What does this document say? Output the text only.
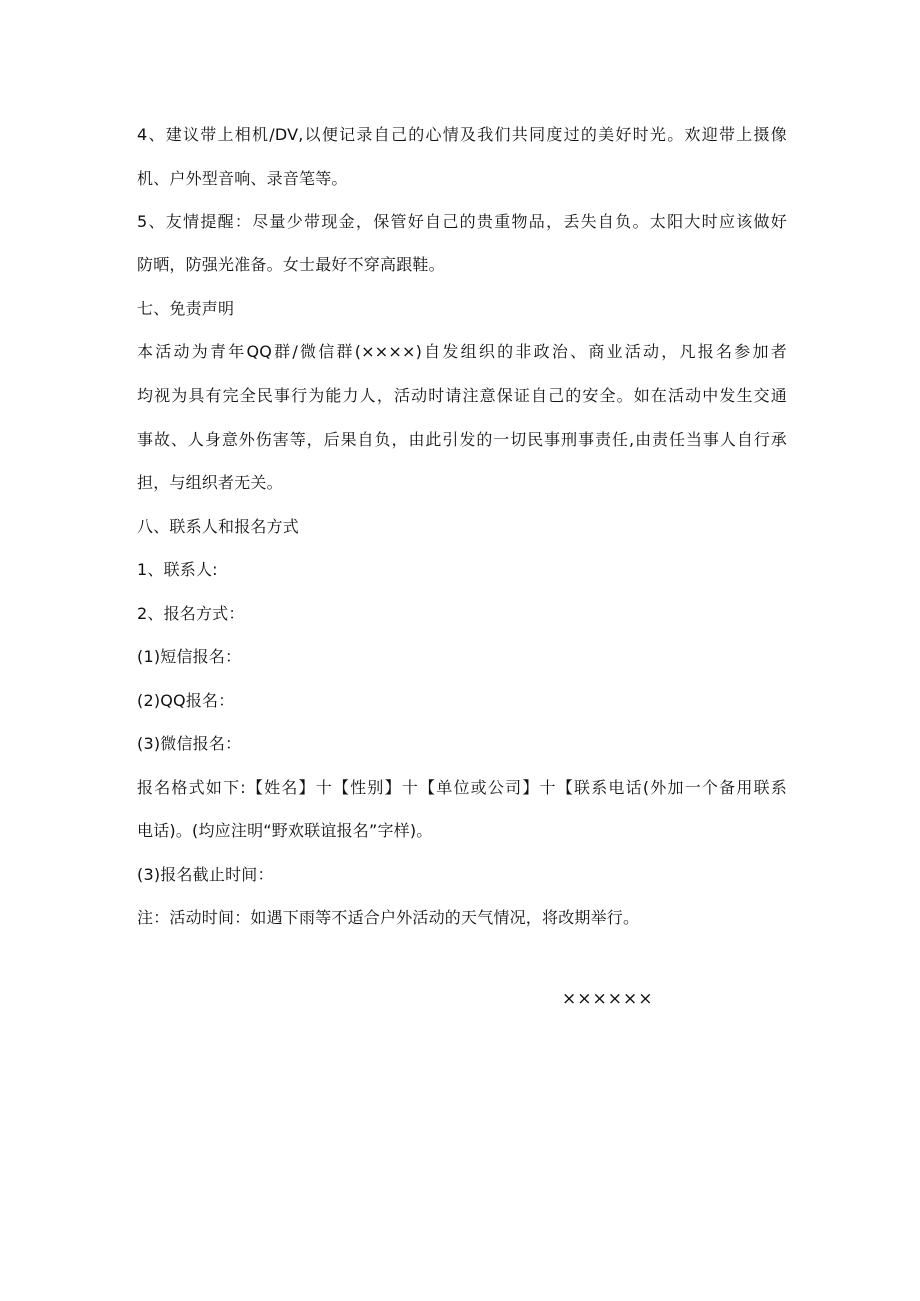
4、建议带上相机/DV,以便记录自己的心情及我们共同度过的美好时光。欢迎带上摄像
机、户外型音响、录音笔等。
5、友情提醒：尽量少带现金，保管好自己的贵重物品，丢失自负。太阳大时应该做好
防晒，防强光准备。女士最好不穿高跟鞋。
七、免责声明
本活动为青年QQ群/微信群(××××)自发组织的非政治、商业活动，凡报名参加者
均视为具有完全民事行为能力人，活动时请注意保证自己的安全。如在活动中发生交通
事故、人身意外伤害等，后果自负，由此引发的一切民事刑事责任,由责任当事人自行承
担，与组织者无关。
八、联系人和报名方式
1、联系人:
2、报名方式：
(1)短信报名：
(2)QQ报名：
(3)微信报名：
报名格式如下:【姓名】十【性别】十【单位或公司】十【联系电话(外加一个备用联系
电话)。(均应注明“野欢联谊报名”字样)。
(3)报名截止时间：
注：活动时间：如遇下雨等不适合户外活动的天气情况，将改期举行。
××××××
